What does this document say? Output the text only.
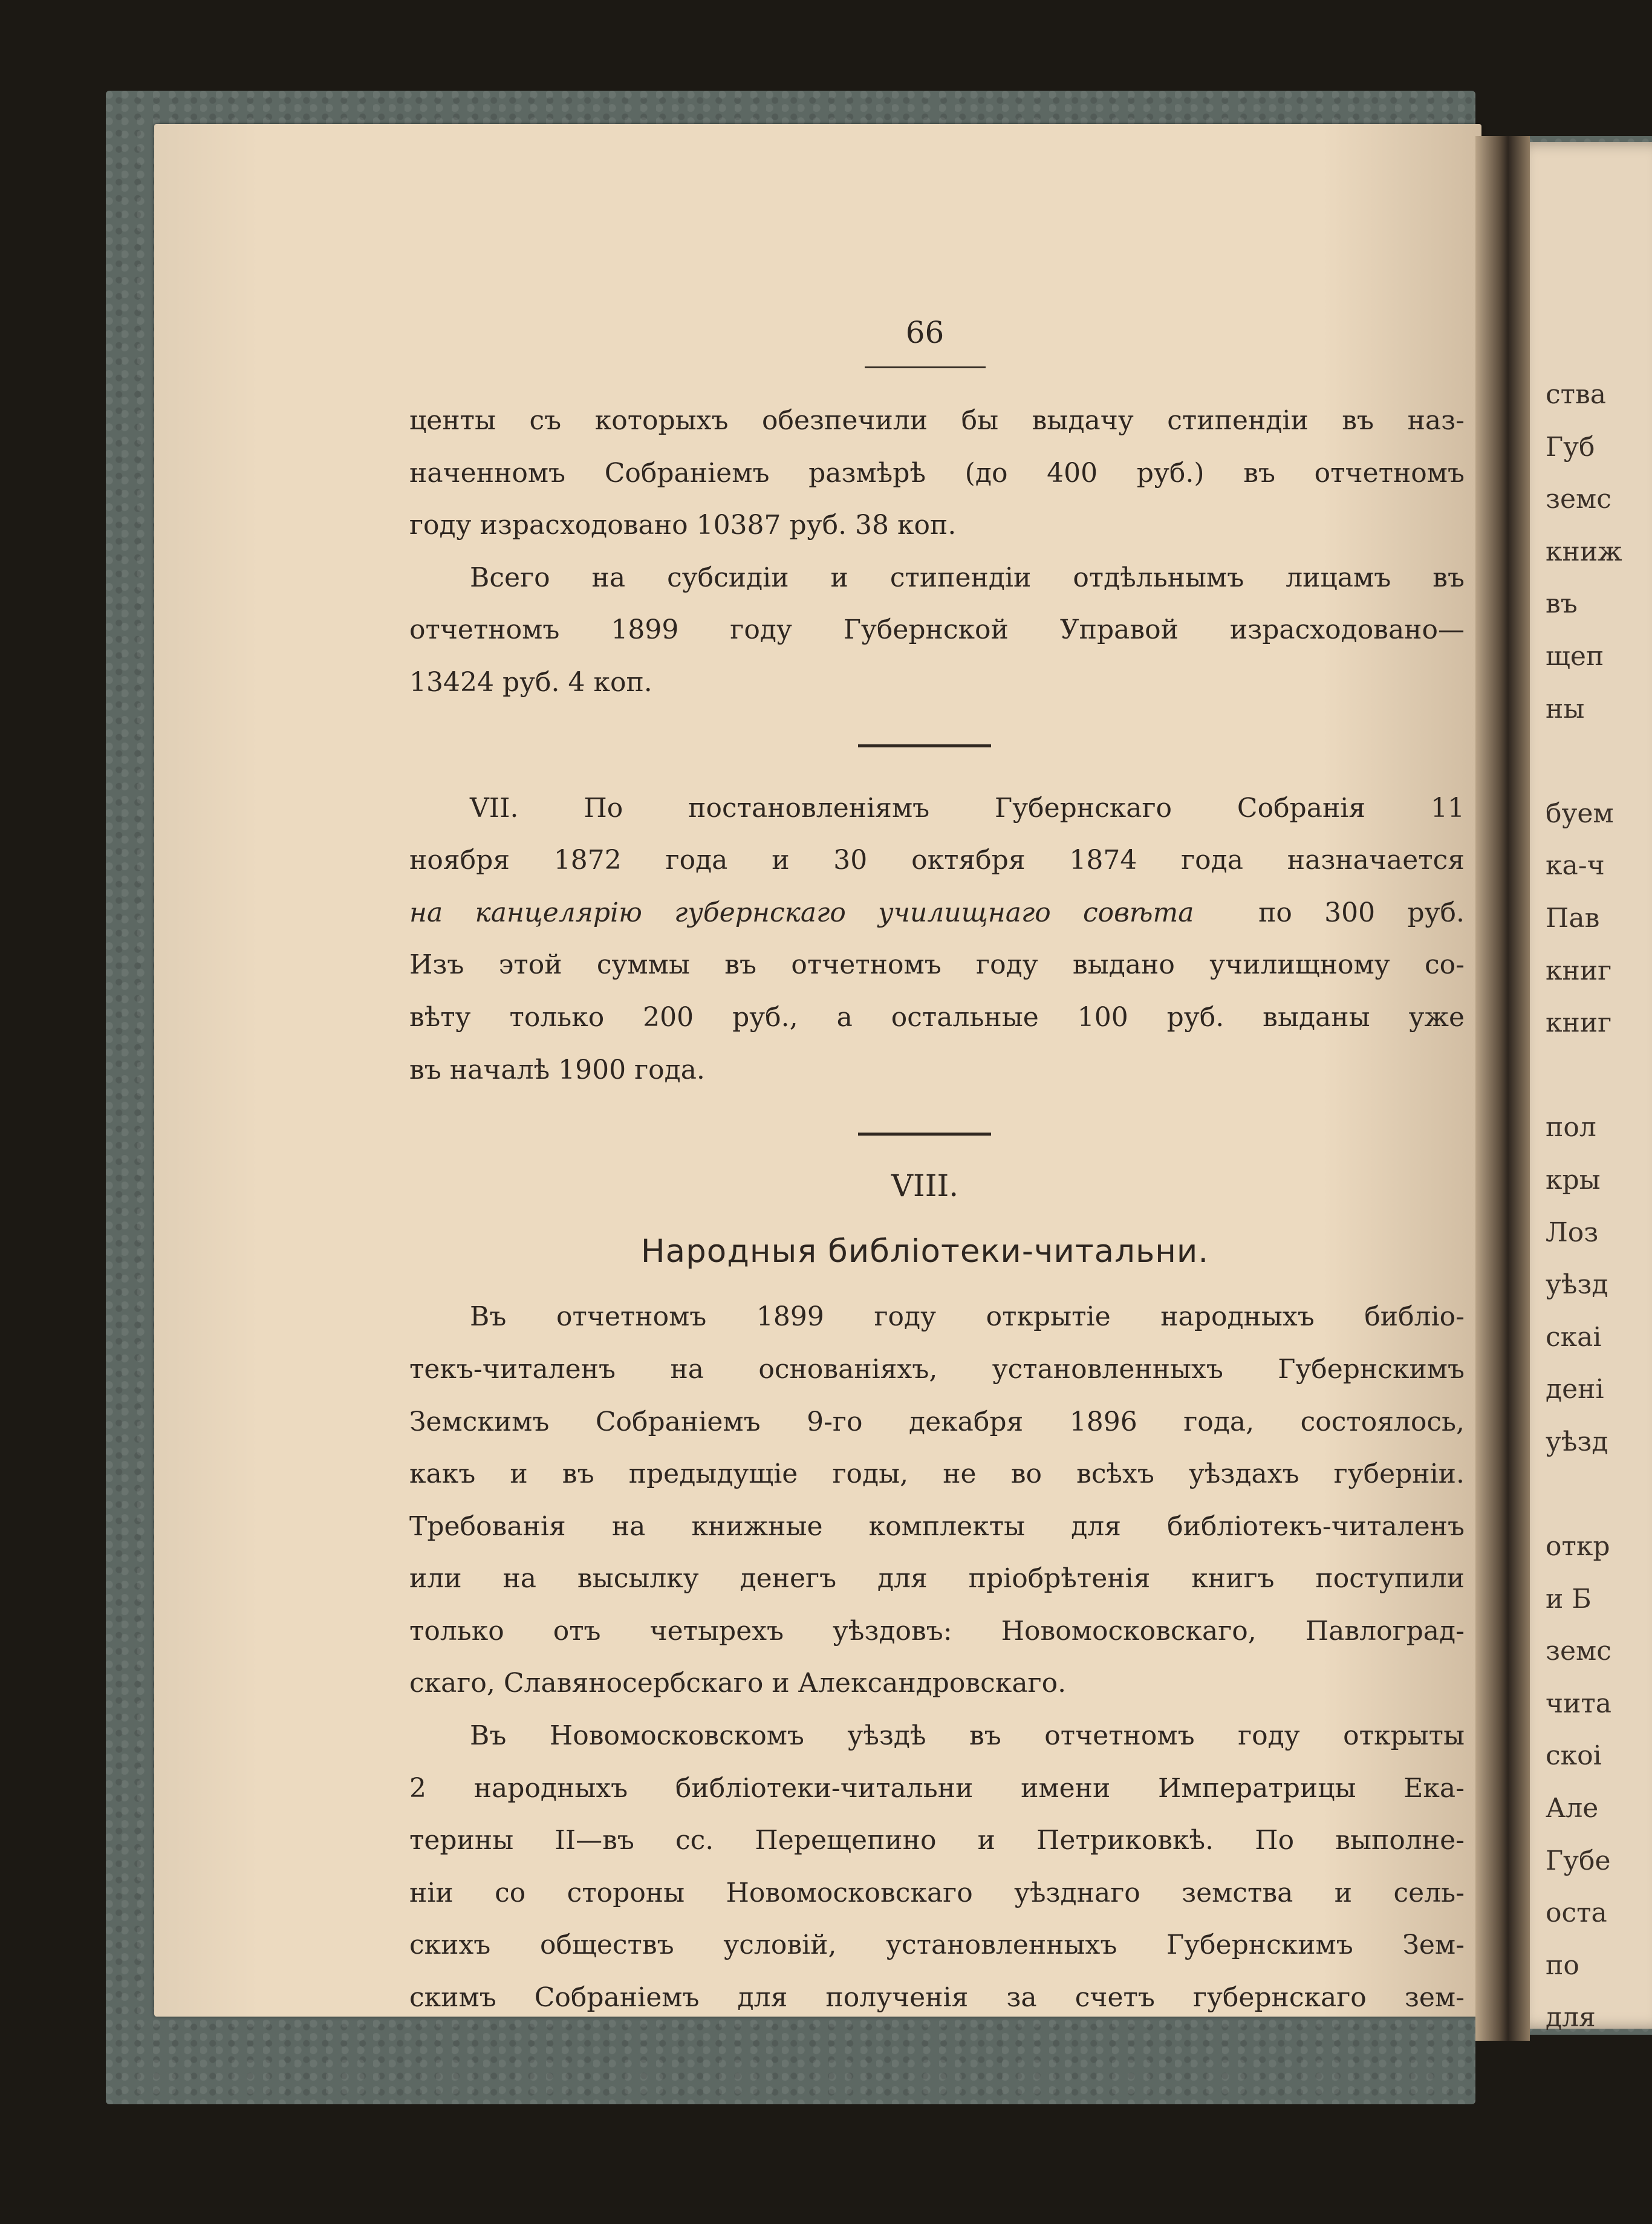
ства
Губ
земс
книж
въ
щеп
ны

буем
ка-ч
Пав
книг
книг

пол
кры
Лоз
уѣзд
скаі
дені
уѣзд

откр
и Б
земс
чита
скоі
Але
Губе
оста
по
для
66
центы съ которыхъ обезпечили бы выдачу стипендіи въ наз-
наченномъ Собраніемъ размѣрѣ (до 400 руб.) въ отчетномъ
году израсходовано 10387 руб. 38 коп.
Всего на субсидіи и стипендіи отдѣльнымъ лицамъ въ
отчетномъ 1899 году Губернской Управой израсходовано—
13424 руб. 4 коп.
VII. По постановленіямъ Губернскаго Собранія 11
ноября 1872 года и 30 октября 1874 года назначается
на канцелярію губернскаго училищнаго совѣта по 300 руб.
Изъ этой суммы въ отчетномъ году выдано училищному со-
вѣту только 200 руб., а остальные 100 руб. выданы уже
въ началѣ 1900 года.
VIII.
Народныя библіотеки-читальни.
Въ отчетномъ 1899 году открытіе народныхъ библіо-
текъ-читаленъ на основаніяхъ, установленныхъ Губернскимъ
Земскимъ Собраніемъ 9-го декабря 1896 года, состоялось,
какъ и въ предыдущіе годы, не во всѣхъ уѣздахъ губерніи.
Требованія на книжные комплекты для библіотекъ-читаленъ
или на высылку денегъ для пріобрѣтенія книгъ поступили
только отъ четырехъ уѣздовъ: Новомосковскаго, Павлоград-
скаго, Славяносербскаго и Александровскаго.
Въ Новомосковскомъ уѣздѣ въ отчетномъ году открыты
2 народныхъ библіотеки-читальни имени Императрицы Ека-
терины II—въ сс. Перещепино и Петриковкѣ. По выполне-
ніи со стороны Новомосковскаго уѣзднаго земства и сель-
скихъ обществъ условій, установленныхъ Губернскимъ Зем-
скимъ Собраніемъ для полученія за счетъ губернскаго зем-
